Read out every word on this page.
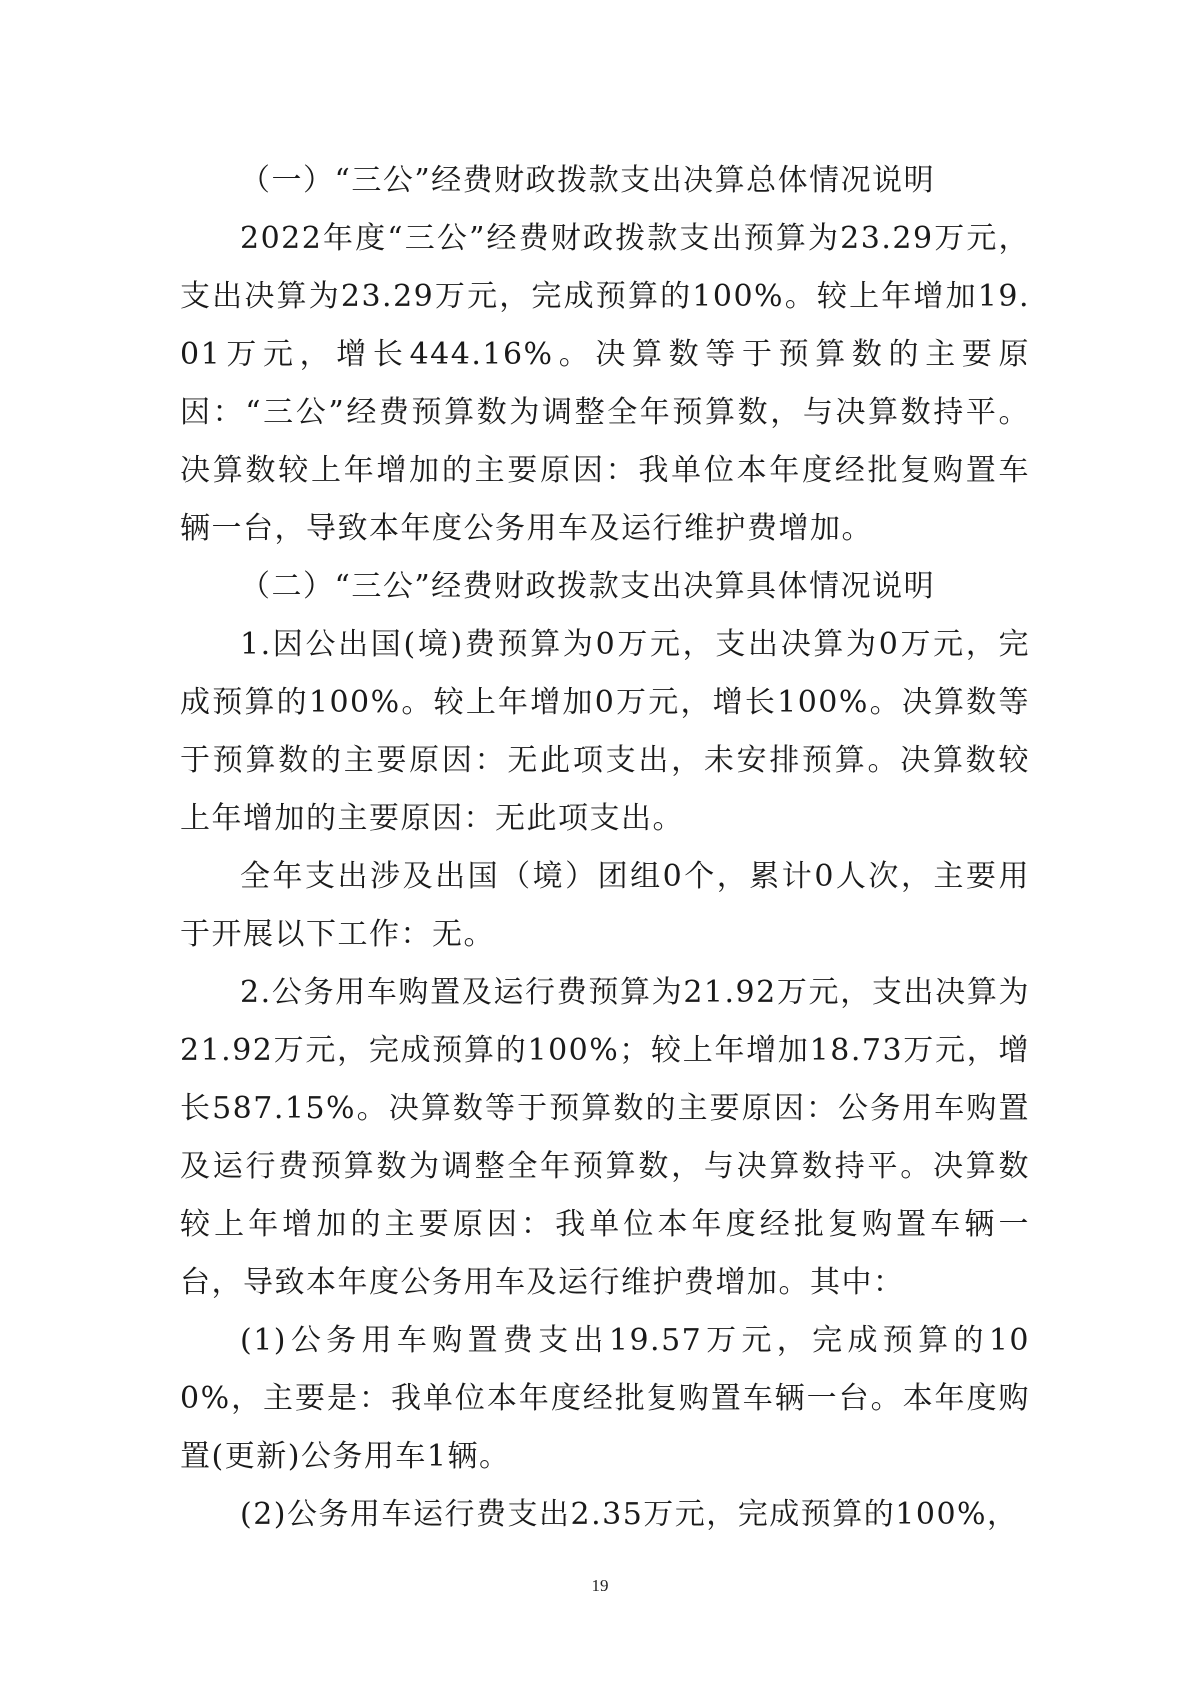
（一）“三公”经费财政拨款支出决算总体情况说明

2022年度“三公”经费财政拨款支出预算为23.29万元，支出决算为23.29万元，完成预算的100%。较上年增加19.01万元，增长444.16%。决算数等于预算数的主要原因：“三公”经费预算数为调整全年预算数，与决算数持平。决算数较上年增加的主要原因：我单位本年度经批复购置车辆一台，导致本年度公务用车及运行维护费增加。

（二）“三公”经费财政拨款支出决算具体情况说明

1.因公出国(境)费预算为0万元，支出决算为0万元，完成预算的100%。较上年增加0万元，增长100%。决算数等于预算数的主要原因：无此项支出，未安排预算。决算数较上年增加的主要原因：无此项支出。

全年支出涉及出国（境）团组0个，累计0人次，主要用于开展以下工作：无。

2.公务用车购置及运行费预算为21.92万元，支出决算为21.92万元，完成预算的100%；较上年增加18.73万元，增长587.15%。决算数等于预算数的主要原因：公务用车购置及运行费预算数为调整全年预算数，与决算数持平。决算数较上年增加的主要原因：我单位本年度经批复购置车辆一台，导致本年度公务用车及运行维护费增加。其中：

(1)公务用车购置费支出19.57万元，完成预算的100%，主要是：我单位本年度经批复购置车辆一台。本年度购置(更新)公务用车1辆。

(2)公务用车运行费支出2.35万元，完成预算的100%，

19
